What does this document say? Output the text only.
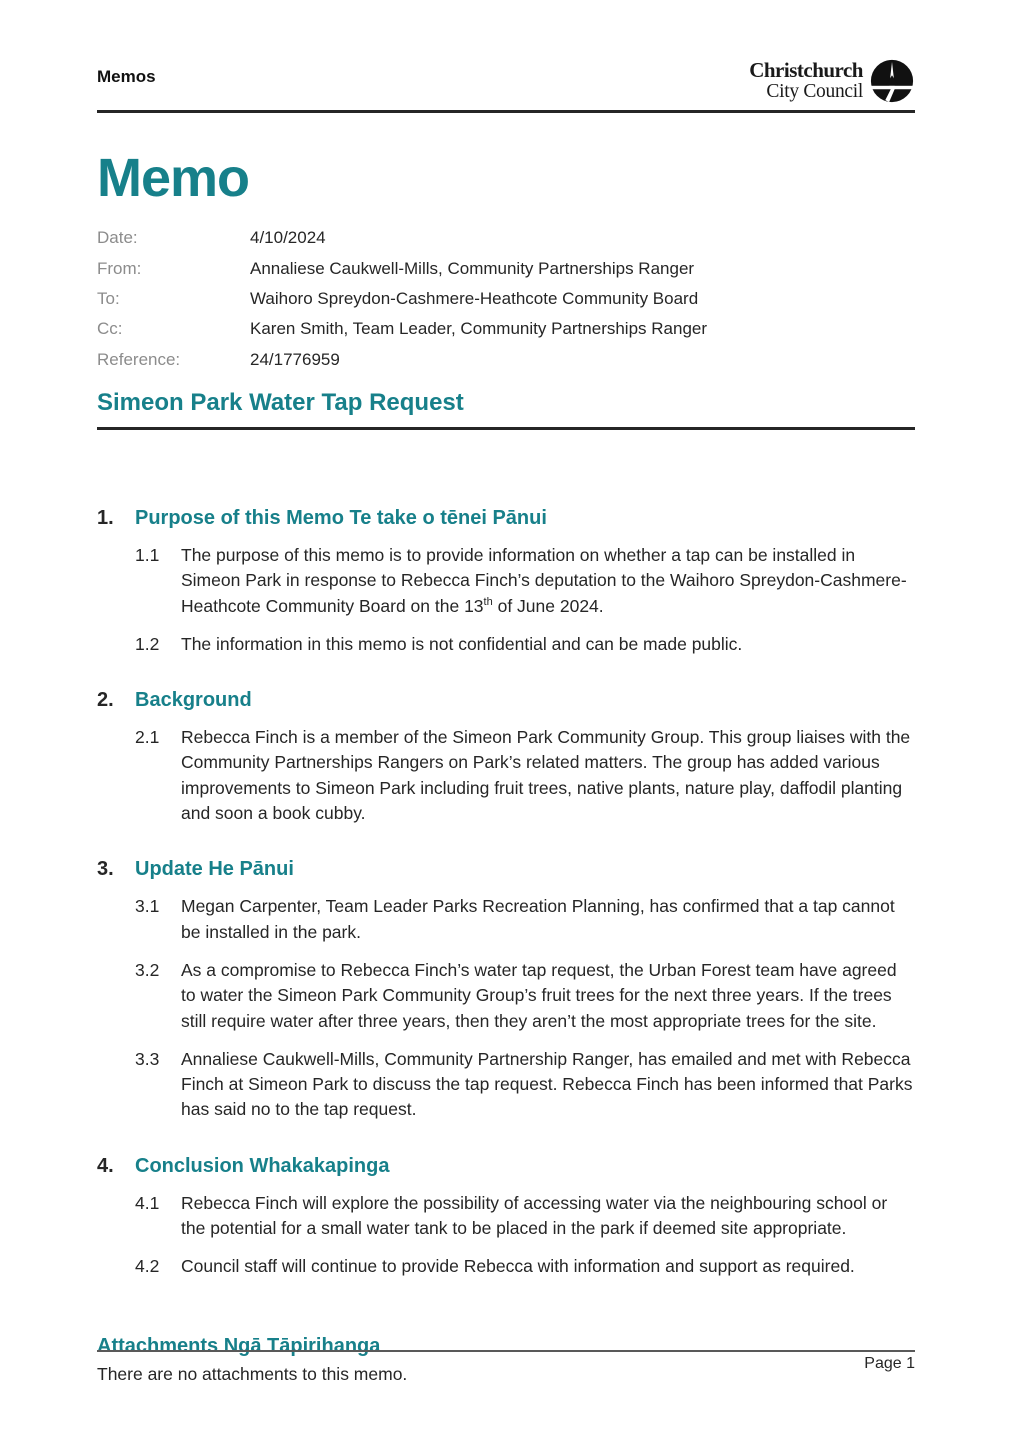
Memos	Christchurch
City Council
Memo
Date:	4/10/2024
From:	Annaliese Caukwell-Mills, Community Partnerships Ranger
To:	Waihoro Spreydon-Cashmere-Heathcote Community Board
Cc:	Karen Smith, Team Leader, Community Partnerships Ranger
Reference:	24/1776959
Simeon Park Water Tap Request
1.	Purpose of this Memo Te take o tēnei Pānui
1.1	The purpose of this memo is to provide information on whether a tap can be installed in Simeon Park in response to Rebecca Finch’s deputation to the Waihoro Spreydon-Cashmere-Heathcote Community Board on the 13th of June 2024.
1.2	The information in this memo is not confidential and can be made public.
2.	Background
2.1	Rebecca Finch is a member of the Simeon Park Community Group. This group liaises with the Community Partnerships Rangers on Park’s related matters. The group has added various improvements to Simeon Park including fruit trees, native plants, nature play, daffodil planting and soon a book cubby.
3.	Update He Pānui
3.1	Megan Carpenter, Team Leader Parks Recreation Planning, has confirmed that a tap cannot be installed in the park.
3.2	As a compromise to Rebecca Finch’s water tap request, the Urban Forest team have agreed to water the Simeon Park Community Group’s fruit trees for the next three years. If the trees still require water after three years, then they aren’t the most appropriate trees for the site.
3.3	Annaliese Caukwell-Mills, Community Partnership Ranger, has emailed and met with Rebecca Finch at Simeon Park to discuss the tap request. Rebecca Finch has been informed that Parks has said no to the tap request.
4.	Conclusion Whakakapinga
4.1	Rebecca Finch will explore the possibility of accessing water via the neighbouring school or the potential for a small water tank to be placed in the park if deemed site appropriate.
4.2	Council staff will continue to provide Rebecca with information and support as required.
Attachments Ngā Tāpirihanga
There are no attachments to this memo.
Page 1
